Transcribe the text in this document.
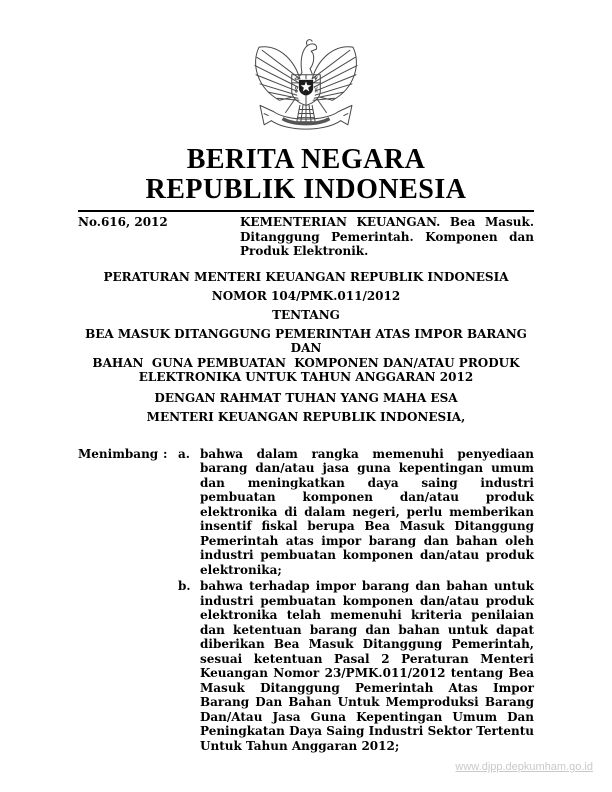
BERITA NEGARA
REPUBLIK INDONESIA
No.616, 2012	KEMENTERIAN KEUANGAN. Bea Masuk. Ditanggung Pemerintah. Komponen dan Produk Elektronik.
PERATURAN MENTERI KEUANGAN REPUBLIK INDONESIA
NOMOR 104/PMK.011/2012
TENTANG
BEA MASUK DITANGGUNG PEMERINTAH ATAS IMPOR BARANG DAN
BAHAN  GUNA PEMBUATAN  KOMPONEN DAN/ATAU PRODUK
ELEKTRONIKA UNTUK TAHUN ANGGARAN 2012
DENGAN RAHMAT TUHAN YANG MAHA ESA
MENTERI KEUANGAN REPUBLIK INDONESIA,
Menimbang : a. bahwa dalam rangka memenuhi penyediaan barang dan/atau jasa guna kepentingan umum dan meningkatkan daya saing industri pembuatan komponen dan/atau produk elektronika di dalam negeri, perlu memberikan insentif fiskal berupa Bea Masuk Ditanggung Pemerintah atas impor barang dan bahan oleh industri pembuatan komponen dan/atau produk elektronika;
b. bahwa terhadap impor barang dan bahan untuk industri pembuatan komponen dan/atau produk elektronika telah memenuhi kriteria penilaian dan ketentuan barang dan bahan untuk dapat diberikan Bea Masuk Ditanggung Pemerintah, sesuai ketentuan Pasal 2 Peraturan Menteri Keuangan Nomor 23/PMK.011/2012 tentang Bea Masuk Ditanggung Pemerintah Atas Impor Barang Dan Bahan Untuk Memproduksi Barang Dan/Atau Jasa Guna Kepentingan Umum Dan Peningkatan Daya Saing Industri Sektor Tertentu Untuk Tahun Anggaran 2012;
www.djpp.depkumham.go.id
